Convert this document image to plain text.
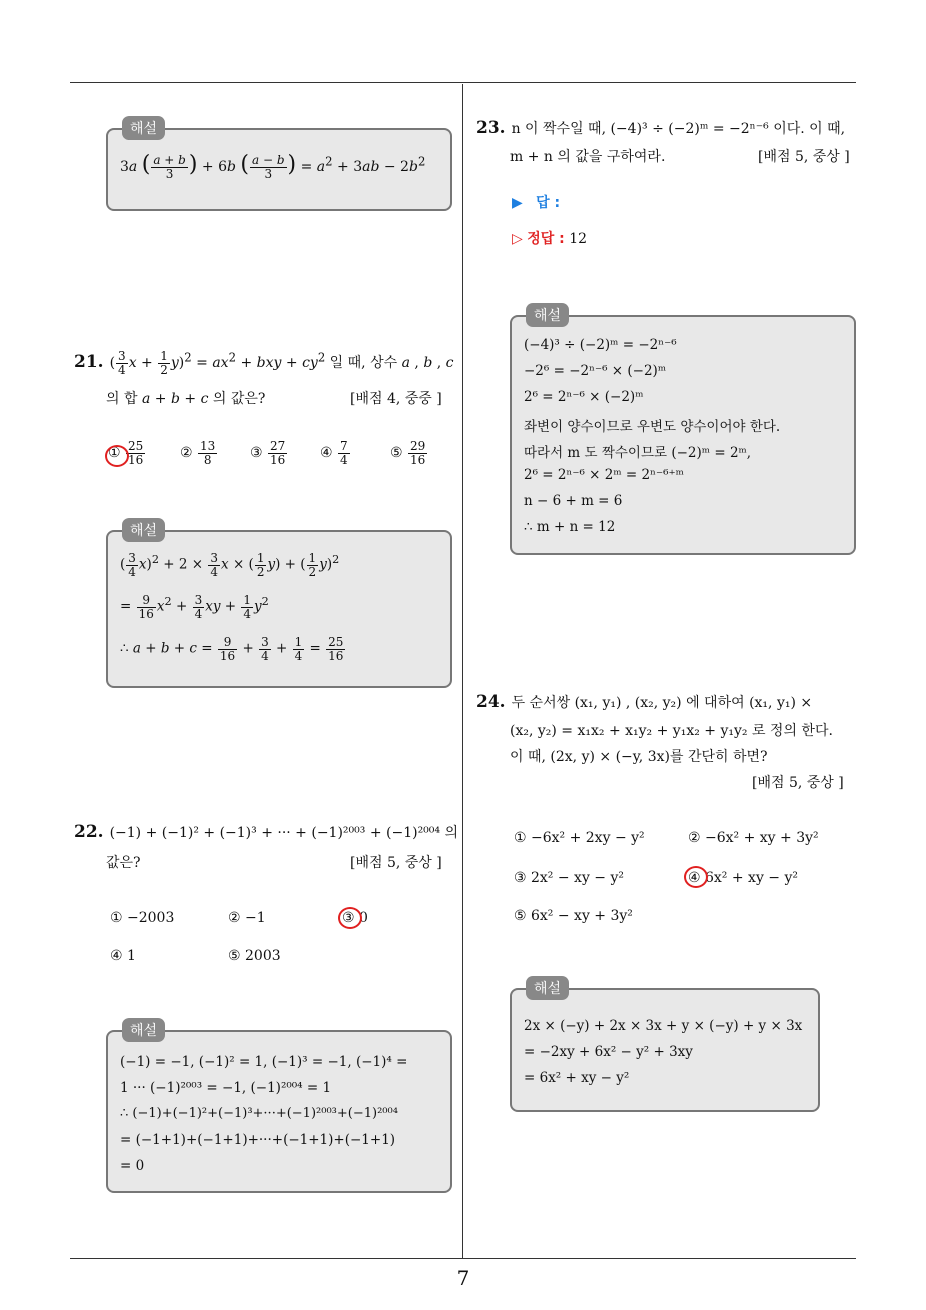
7
해설
3a ( $\frac{a + b}{3}$ ) + 6b ( $\frac{a - b}{3}$ ) = $a^2 + 3ab - 2b^2$
21. ( $\frac{3}{4}$ $x + \frac{1}{2} y)^2 = ax^2$ + bxy + $cy^2$ 일 때, 상수 a , b , c
의 합 a + b + c 의 값은?	[배점 4, 중중 ]
① $\frac{25}{16}$ ② $\frac{13}{8}$ ③ $\frac{27}{16}$ ④ $\frac{7}{4}$	⑤ $\frac{29}{16}$
해설
( $\frac{3}{4} x)^2 + 2 \times \frac{3}{4}$ x × ( $\frac{1}{2} y$) + ( $\frac{1}{2} y)^2$
= $\frac{9}{16} x^2 + \frac{3}{4}$ xy + $\frac{1}{4} y^2$
∴ $a + b + c = \frac{9}{16} + \frac{3}{4} + \frac{1}{4} = \frac{25}{16}$
22. (−1) + (−1)² + (−1)³ + ··· + (−1)²⁰⁰³ + (−1)²⁰⁰⁴ 의
값은?	[배점 5, 중상 ]
① −2003	② −1	③ 0
④ 1	⑤ 2003
해설
(−1) = −1, (−1)² = 1, (−1)³ = −1, (−1)⁴ =
1 ··· (−1)²⁰⁰³ = −1, (−1)²⁰⁰⁴ = 1
∴ (−1)+(−1)²+(−1)³+···+(−1)²⁰⁰³+(−1)²⁰⁰⁴
= (−1+1)+(−1+1)+···+(−1+1)+(−1+1)
= 0
23. n 이 짝수일 때, (−4)³ ÷ (−2)ᵐ = −2ⁿ⁻⁶ 이다. 이 때,
m + n 의 값을 구하여라.	[배점 5, 중상 ]
▶ 답 :
▷ 정답 : 12
해설
(−4)³ ÷ (−2)ᵐ = −2ⁿ⁻⁶
−2⁶ = −2ⁿ⁻⁶ × (−2)ᵐ
2⁶ = 2ⁿ⁻⁶ × (−2)ᵐ
좌변이 양수이므로 우변도 양수이어야 한다.
따라서 m 도 짝수이므로 (−2)ᵐ = 2ᵐ,
2⁶ = 2ⁿ⁻⁶ × 2ᵐ = 2ⁿ⁻⁶⁺ᵐ
n − 6 + m = 6
∴ m + n = 12
24. 두 순서쌍 (x₁, y₁) , (x₂, y₂) 에 대하여 (x₁, y₁) ×
(x₂, y₂) = x₁x₂ + x₁y₂ + y₁x₂ + y₁y₂ 로 정의 한다.
이 때, (2x, y) × (−y, 3x)를 간단히 하면?
[배점 5, 중상 ]
① −6x² + 2xy − y²	② −6x² + xy + 3y²
③ 2x² − xy − y²	④ 6x² + xy − y²
⑤ 6x² − xy + 3y²
해설
2x × (−y) + 2x × 3x + y × (−y) + y × 3x
= −2xy + 6x² − y² + 3xy
= 6x² + xy − y²
